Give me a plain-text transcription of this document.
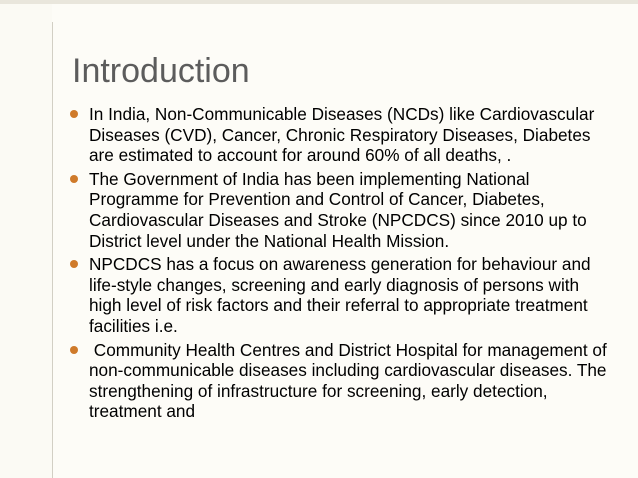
Introduction
In India, Non-Communicable Diseases (NCDs) like Cardiovascular Diseases (CVD), Cancer, Chronic Respiratory Diseases, Diabetes are estimated to account for around 60% of all deaths, .
The Government of India has been implementing National Programme for Prevention and Control of Cancer, Diabetes, Cardiovascular Diseases and Stroke (NPCDCS) since 2010 up to District level under the National Health Mission.
NPCDCS has a focus on awareness generation for behaviour and life-style changes, screening and early diagnosis of persons with high level of risk factors and their referral to appropriate treatment facilities i.e.
Community Health Centres and District Hospital for management of non-communicable diseases including cardiovascular diseases. The strengthening of infrastructure for screening, early detection, treatment and
